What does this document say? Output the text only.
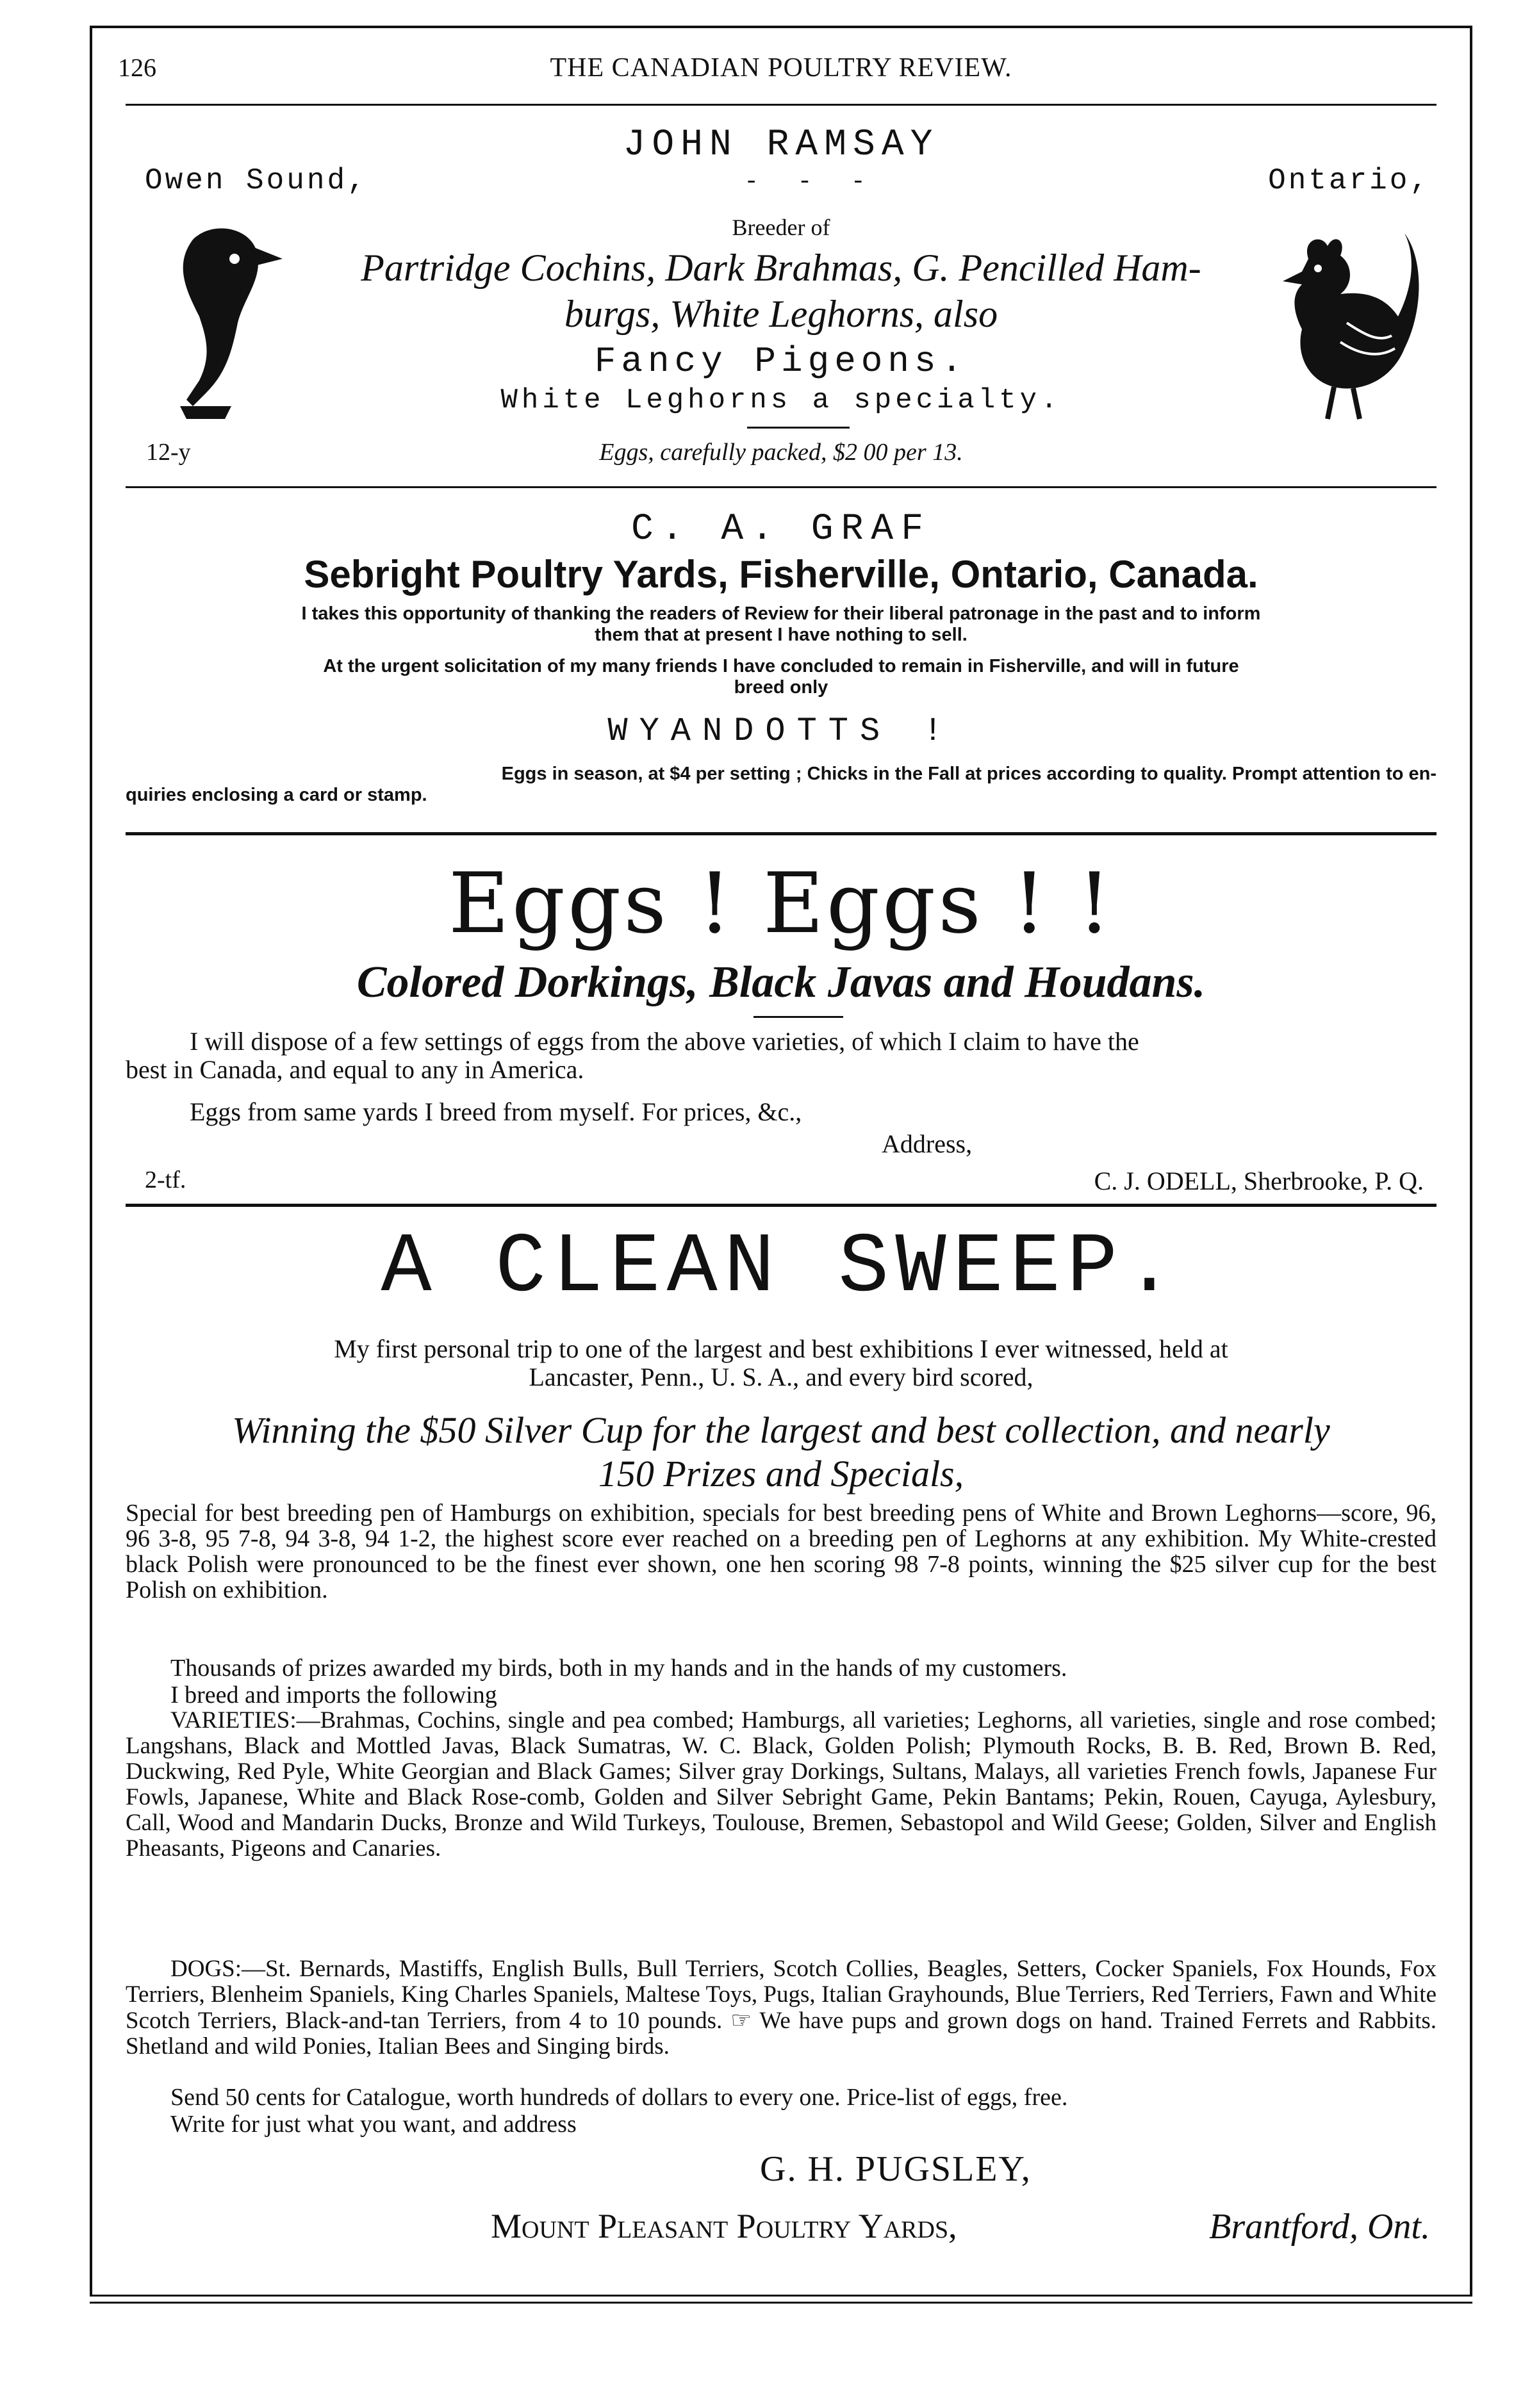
126	THE CANADIAN POULTRY REVIEW.
JOHN RAMSAY
Owen Sound,	-       -       -	Ontario,
Breeder of
Partridge Cochins, Dark Brahmas, G. Pencilled Ham-
burgs, White Leghorns, also
Fancy Pigeons.
White Leghorns a specialty.
12-y	Eggs, carefully packed, $2 00 per 13.
C. A. GRAF
Sebright Poultry Yards, Fisherville, Ontario, Canada.
I takes this opportunity of thanking the readers of Review for their liberal patronage in the past and to inform
them that at present I have nothing to sell.
At the urgent solicitation of my many friends I have concluded to remain in Fisherville, and will in future
breed only
WYANDOTTS !
Eggs in season, at $4 per setting ; Chicks in the Fall at prices according to quality. Prompt attention to en-
quiries enclosing a card or stamp.
Eggs ! Eggs ! !
Colored Dorkings, Black Javas and Houdans.
I will dispose of a few settings of eggs from the above varieties, of which I claim to have the
best in Canada, and equal to any in America.
Eggs from same yards I breed from myself. For prices, &c.,
Address,
2-tf.	C. J. ODELL, Sherbrooke, P. Q.
A CLEAN SWEEP.
My first personal trip to one of the largest and best exhibitions I ever witnessed, held at
Lancaster, Penn., U. S. A., and every bird scored,
Winning the $50 Silver Cup for the largest and best collection, and nearly
150 Prizes and Specials,
Special for best breeding pen of Hamburgs on exhibition, specials for best breeding pens of White and Brown Leghorns—score, 96, 96 3-8, 95 7-8, 94 3-8, 94 1-2, the highest score ever reached on a breeding pen of Leghorns at any exhibition. My White-crested black Polish were pronounced to be the finest ever shown, one hen scoring 98 7-8 points, winning the $25 silver cup for the best Polish on exhibition.
Thousands of prizes awarded my birds, both in my hands and in the hands of my customers.
I breed and imports the following
VARIETIES:—Brahmas, Cochins, single and pea combed; Hamburgs, all varieties; Leghorns, all varieties, single and rose combed; Langshans, Black and Mottled Javas, Black Sumatras, W. C. Black, Golden Polish; Plymouth Rocks, B. B. Red, Brown B. Red, Duckwing, Red Pyle, White Georgian and Black Games; Silver gray Dorkings, Sultans, Malays, all varieties French fowls, Japanese Fur Fowls, Japanese, White and Black Rose-comb, Golden and Silver Sebright Game, Pekin Bantams; Pekin, Rouen, Cayuga, Aylesbury, Call, Wood and Mandarin Ducks, Bronze and Wild Turkeys, Toulouse, Bremen, Sebastopol and Wild Geese; Golden, Silver and English Pheasants, Pigeons and Canaries.
DOGS:—St. Bernards, Mastiffs, English Bulls, Bull Terriers, Scotch Collies, Beagles, Setters, Cocker Spaniels, Fox Hounds, Fox Terriers, Blenheim Spaniels, King Charles Spaniels, Maltese Toys, Pugs, Italian Grayhounds, Blue Terriers, Red Terriers, Fawn and White Scotch Terriers, Black-and-tan Terriers, from 4 to 10 pounds. ☞ We have pups and grown dogs on hand. Trained Ferrets and Rabbits. Shetland and wild Ponies, Italian Bees and Singing birds.
Send 50 cents for Catalogue, worth hundreds of dollars to every one. Price-list of eggs, free.
Write for just what you want, and address
G. H. PUGSLEY,
Mount Pleasant Poultry Yards,	Brantford, Ont.
